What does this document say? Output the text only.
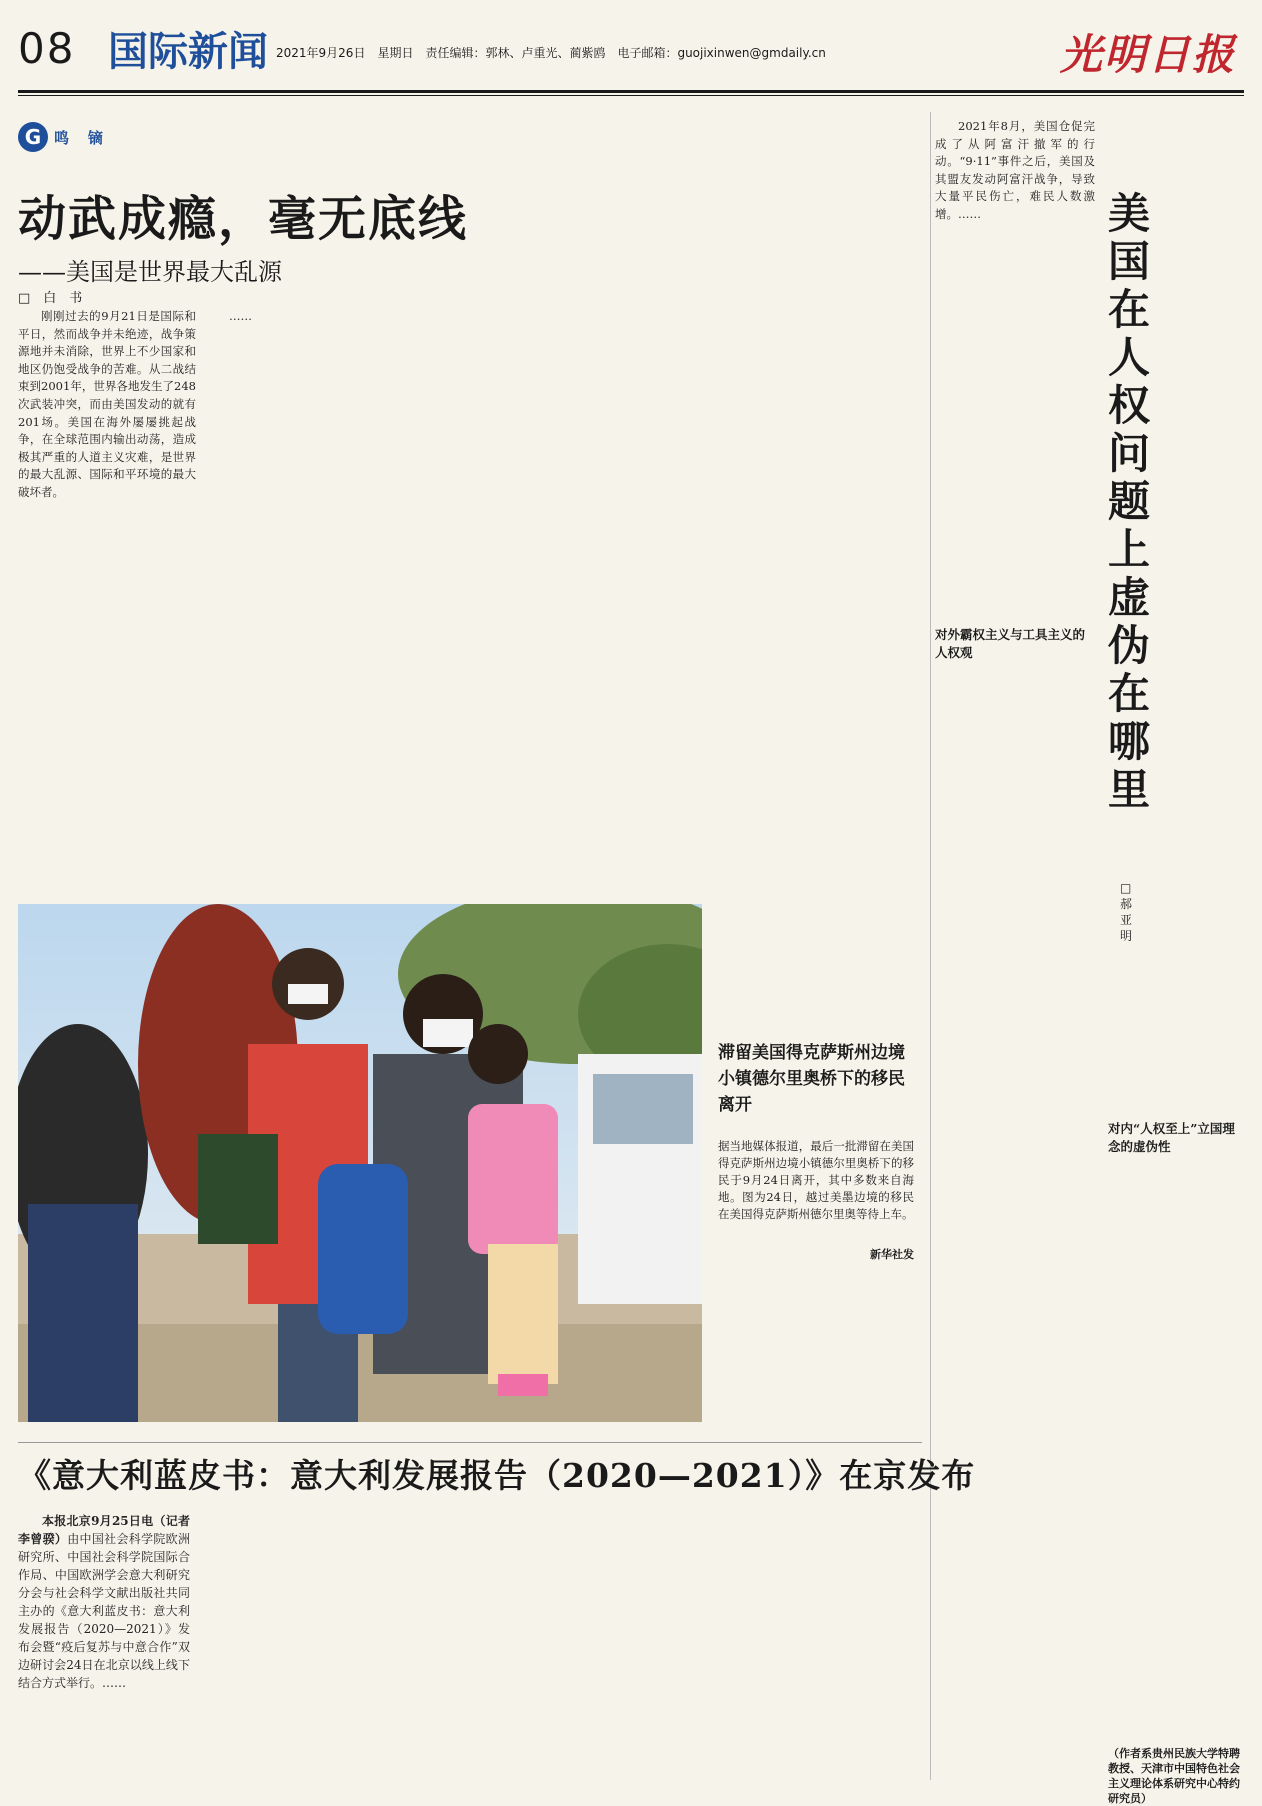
08 国际新闻 2021年9月26日　星期日　责任编辑：郭林、卢重光、蔺紫鸥　电子邮箱：guojixinwen@gmdaily.cn	光明日报
G 鸣　镝
动武成瘾，毫无底线
——美国是世界最大乱源
□　白　书

刚刚过去的9月21日是国际和平日，然而战争并未绝迹，战争策源地并未消除，世界上不少国家和地区仍饱受战争的苦难。从二战结束到2001年，世界各地发生了248次武装冲突，而由美国发动的就有201场。美国在海外屡屡挑起战争，在全球范围内输出动荡，造成极其严重的人道主义灾难，是世界的最大乱源、国际和平环境的最大破坏者。

……

2021年8月，美国仓促完成了从阿富汗撤军的行动。“9·11”事件之后，美国及其盟友发动阿富汗战争，导致大量平民伤亡，难民人数激增。……

对外霸权主义与工具主义的人权观
美国在人权问题上虚伪在哪里
□　郝亚明
对内“人权至上”立国理念的虚伪性
（作者系贵州民族大学特聘教授、天津市中国特色社会主义理论体系研究中心特约研究员）
滞留美国得克萨斯州边境小镇德尔里奥桥下的移民离开
据当地媒体报道，最后一批滞留在美国得克萨斯州边境小镇德尔里奥桥下的移民于9月24日离开，其中多数来自海地。图为24日，越过美墨边境的移民在美国得克萨斯州德尔里奥等待上车。
新华社发
《意大利蓝皮书：意大利发展报告（2020—2021）》在京发布

本报北京9月25日电（记者李曾骙）由中国社会科学院欧洲研究所、中国社会科学院国际合作局、中国欧洲学会意大利研究分会与社会科学文献出版社共同主办的《意大利蓝皮书：意大利发展报告（2020—2021）》发布会暨“疫后复苏与中意合作”双边研讨会24日在北京以线上线下结合方式举行。……
